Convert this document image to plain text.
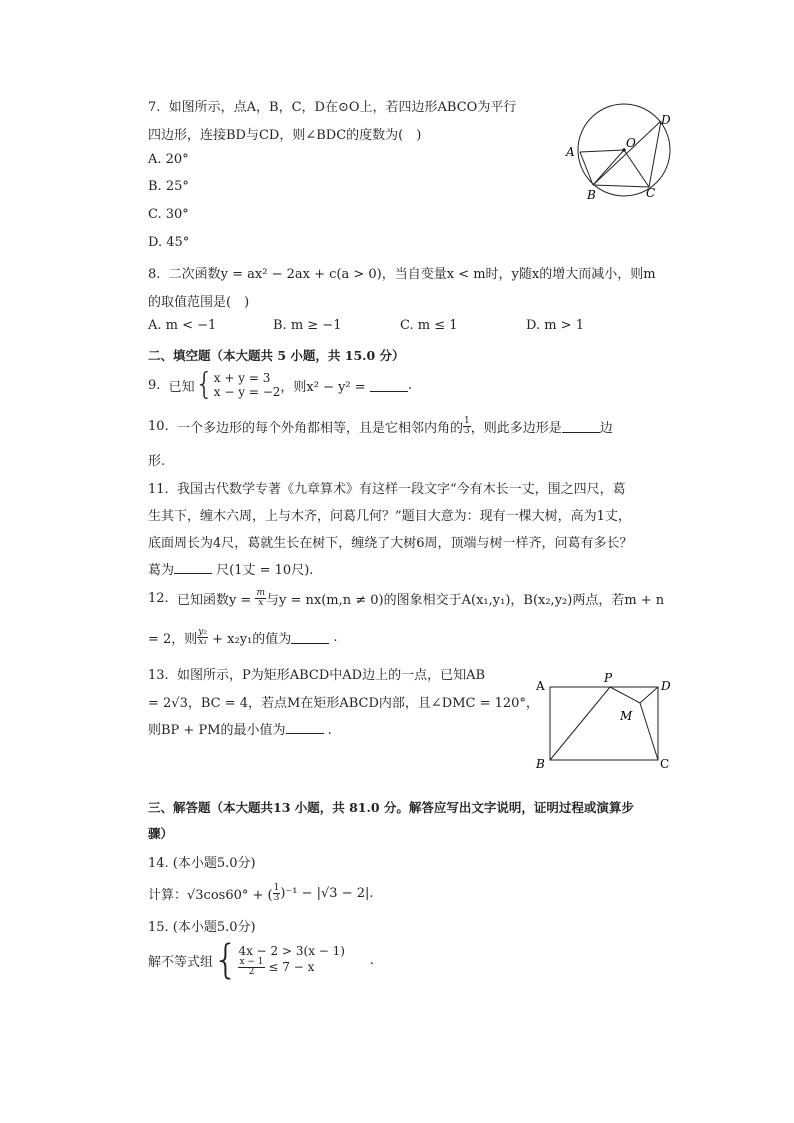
7. 如图所示，点A，B，C，D在⊙O上，若四边形ABCO为平行
四边形，连接BD与CD，则∠BDC的度数为(　)
A. 20°
B. 25°
C. 30°
D. 45°
A
B	C
D
O
8. 二次函数y = ax² − 2ax + c(a > 0)，当自变量x < m时，y随x的增大而减小，则m
的取值范围是(　)
A. m < −1	B. m ≥ −1	C. m ≤ 1	D. m > 1
二、填空题（本大题共 5 小题，共 15.0 分）
9.
已知 { x + y = 3
x − y = −2 ，则x² − y² =
	.
10.
一个多边形的每个外角都相等，且是它相邻内角的 $\frac{1}{3}$ ，则此多边形是	边
形.
11. 我国古代数学专著《九章算术》有这样一段文字“今有木长一丈，围之四尺，葛
生其下，缠木六周，上与木齐，问葛几何？”题目大意为：现有一棵大树，高为1丈，
底面周长为4尺，葛就生长在树下，缠绕了大树6周，顶端与树一样齐，问葛有多长？
葛为	尺(1丈 = 10尺).
12.
已知函数y =
$\frac{m}{x}$ 与y = nx(m,n ≠ 0)的图象相交于A(x₁,y₁)，B(x₂,y₂)两点，若m + n
= 2，则 $\frac{\text{y₂}}{\text{x₁}}$
+ x₂y₁的值为
	.
13. 如图所示，P为矩形ABCD中AD边上的一点，已知AB
= 2√3，BC = 4，若点M在矩形ABCD内部，且∠DMC = 120°，
则BP + PM的最小值为	.
A
B	C
D
P
M
三、解答题（本大题共13 小题，共 81.0 分。解答应写出文字说明，证明过程或演算步
骤）
14. (本小题5.0分)
计算：√3cos60° + ( $\frac{1}{3} )^{-1} - |√3 - 2|$.
15. (本小题5.0分)
解不等式组 { 4x − 2 > 3(x − 1)
$\frac{x - 1}{2}$
≤ 7 − x
	.
